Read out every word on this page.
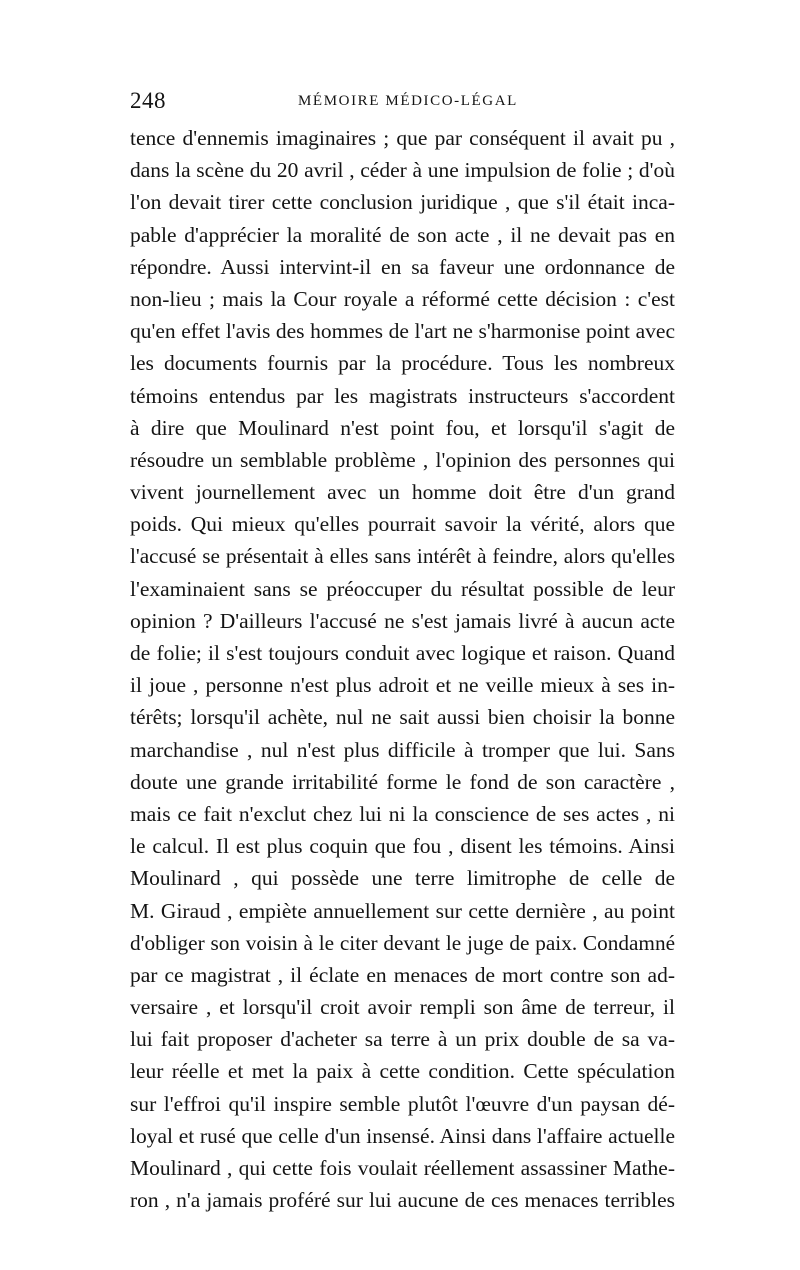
248	MÉMOIRE MÉDICO-LÉGAL
tence d'ennemis imaginaires ; que par conséquent il avait pu ,
dans la scène du 20 avril , céder à une impulsion de folie ; d'où
l'on devait tirer cette conclusion juridique , que s'il était inca-
pable d'apprécier la moralité de son acte , il ne devait pas en
répondre. Aussi intervint-il en sa faveur une ordonnance de
non-lieu ; mais la Cour royale a réformé cette décision : c'est
qu'en effet l'avis des hommes de l'art ne s'harmonise point avec
les documents fournis par la procédure. Tous les nombreux
témoins entendus par les magistrats instructeurs s'accordent
à dire que Moulinard n'est point fou, et lorsqu'il s'agit de
résoudre un semblable problème , l'opinion des personnes qui
vivent journellement avec un homme doit être d'un grand
poids. Qui mieux qu'elles pourrait savoir la vérité, alors que
l'accusé se présentait à elles sans intérêt à feindre, alors qu'elles
l'examinaient sans se préoccuper du résultat possible de leur
opinion ? D'ailleurs l'accusé ne s'est jamais livré à aucun acte
de folie; il s'est toujours conduit avec logique et raison. Quand
il joue , personne n'est plus adroit et ne veille mieux à ses in-
térêts; lorsqu'il achète, nul ne sait aussi bien choisir la bonne
marchandise , nul n'est plus difficile à tromper que lui. Sans
doute une grande irritabilité forme le fond de son caractère ,
mais ce fait n'exclut chez lui ni la conscience de ses actes , ni
le calcul. Il est plus coquin que fou , disent les témoins. Ainsi
Moulinard , qui possède une terre limitrophe de celle de
M. Giraud , empiète annuellement sur cette dernière , au point
d'obliger son voisin à le citer devant le juge de paix. Condamné
par ce magistrat , il éclate en menaces de mort contre son ad-
versaire , et lorsqu'il croit avoir rempli son âme de terreur, il
lui fait proposer d'acheter sa terre à un prix double de sa va-
leur réelle et met la paix à cette condition. Cette spéculation
sur l'effroi qu'il inspire semble plutôt l'œuvre d'un paysan dé-
loyal et rusé que celle d'un insensé. Ainsi dans l'affaire actuelle
Moulinard , qui cette fois voulait réellement assassiner Mathe-
ron , n'a jamais proféré sur lui aucune de ces menaces terribles
